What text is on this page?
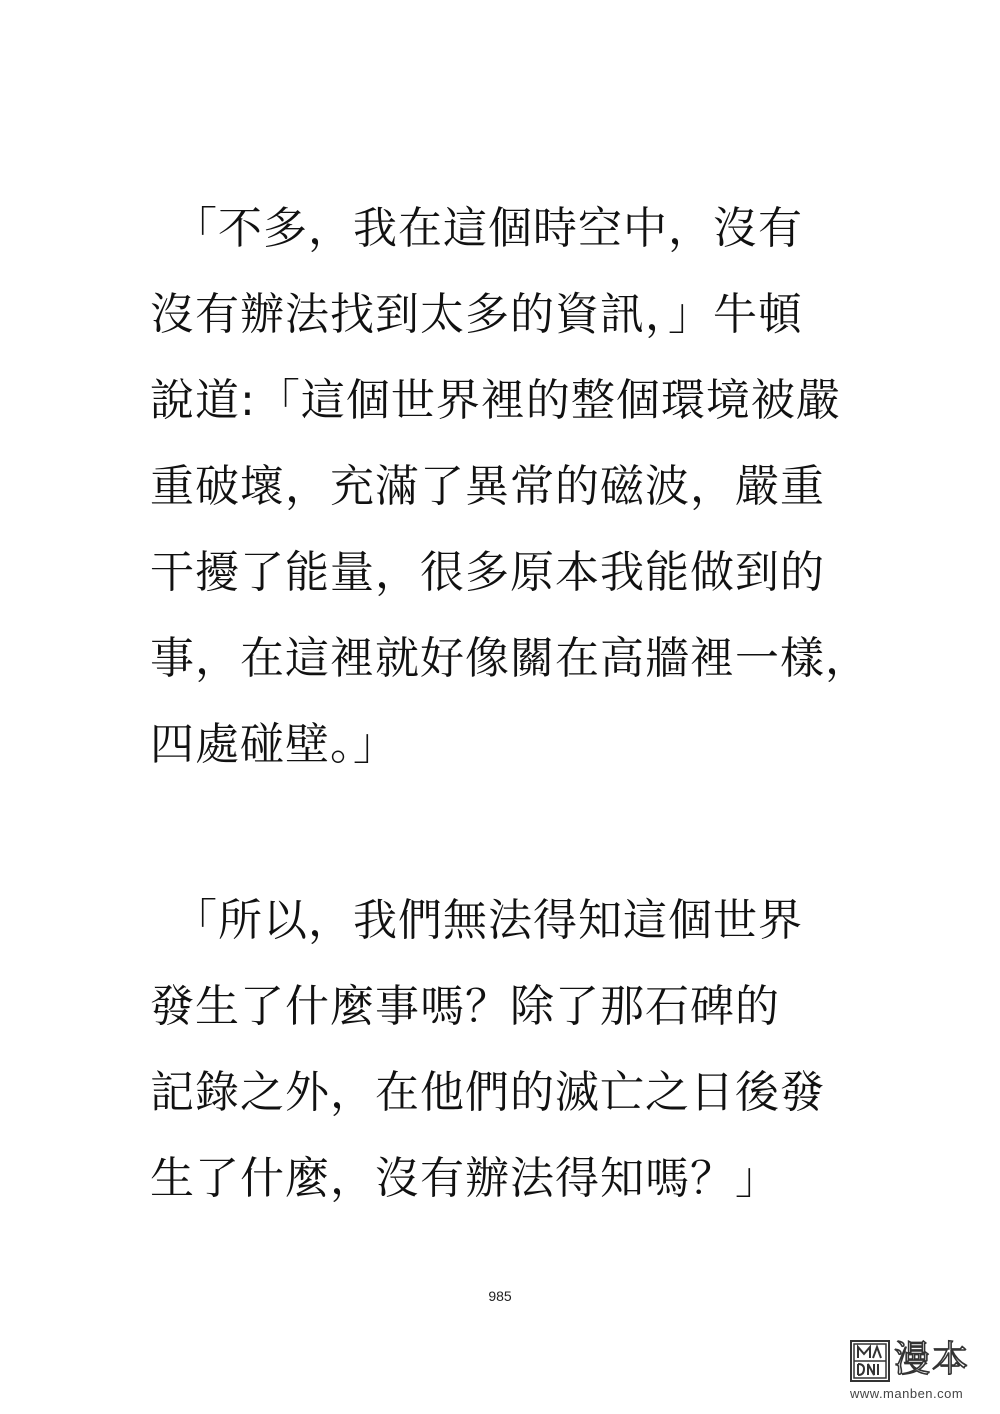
　「不多，我在這個時空中，沒有
沒有辦法找到太多的資訊，」牛頓
說道:「這個世界裡的整個環境被嚴
重破壞，充滿了異常的磁波，嚴重
干擾了能量，很多原本我能做到的
事，在這裡就好像關在高牆裡一樣，
四處碰壁。」
　「所以，我們無法得知這個世界
發生了什麼事嗎？除了那石碑的
記錄之外，在他們的滅亡之日後發
生了什麼，沒有辦法得知嗎？」
985
漫本
www.manben.com
